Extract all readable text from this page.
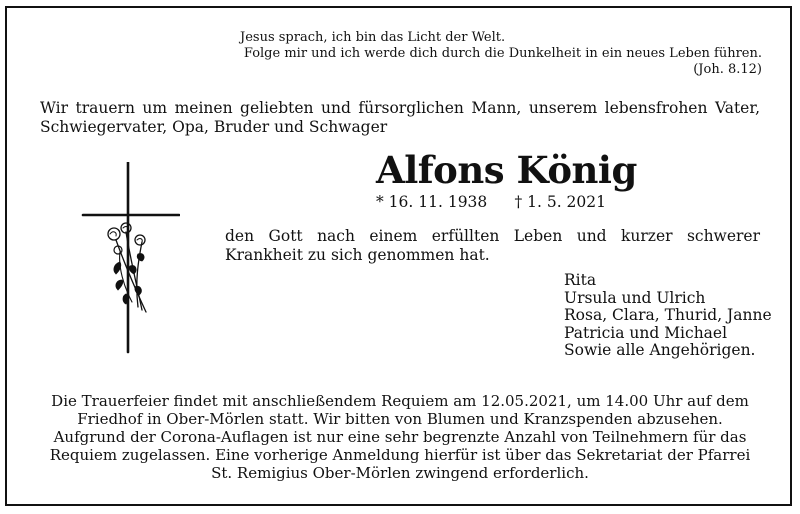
Jesus sprach, ich bin das Licht der Welt.
Folge mir und ich werde dich durch die Dunkelheit in ein neues Leben führen.
(Joh. 8.12)
Wir trauern um meinen geliebten und fürsorglichen Mann, unserem lebensfrohen Vater, Schwiegervater, Opa, Bruder und Schwager
Alfons König
* 16. 11. 1938 † 1. 5. 2021
den Gott nach einem erfüllten Leben und kurzer schwerer Krankheit zu sich genommen hat.
Rita
Ursula und Ulrich
Rosa, Clara, Thurid, Janne
Patricia und Michael
Sowie alle Angehörigen.
Die Trauerfeier findet mit anschließendem Requiem am 12.05.2021, um 14.00 Uhr auf dem
Friedhof in Ober-Mörlen statt. Wir bitten von Blumen und Kranzspenden abzusehen.
Aufgrund der Corona-Auflagen ist nur eine sehr begrenzte Anzahl von Teilnehmern für das
Requiem zugelassen. Eine vorherige Anmeldung hierfür ist über das Sekretariat der Pfarrei
St. Remigius Ober-Mörlen zwingend erforderlich.
